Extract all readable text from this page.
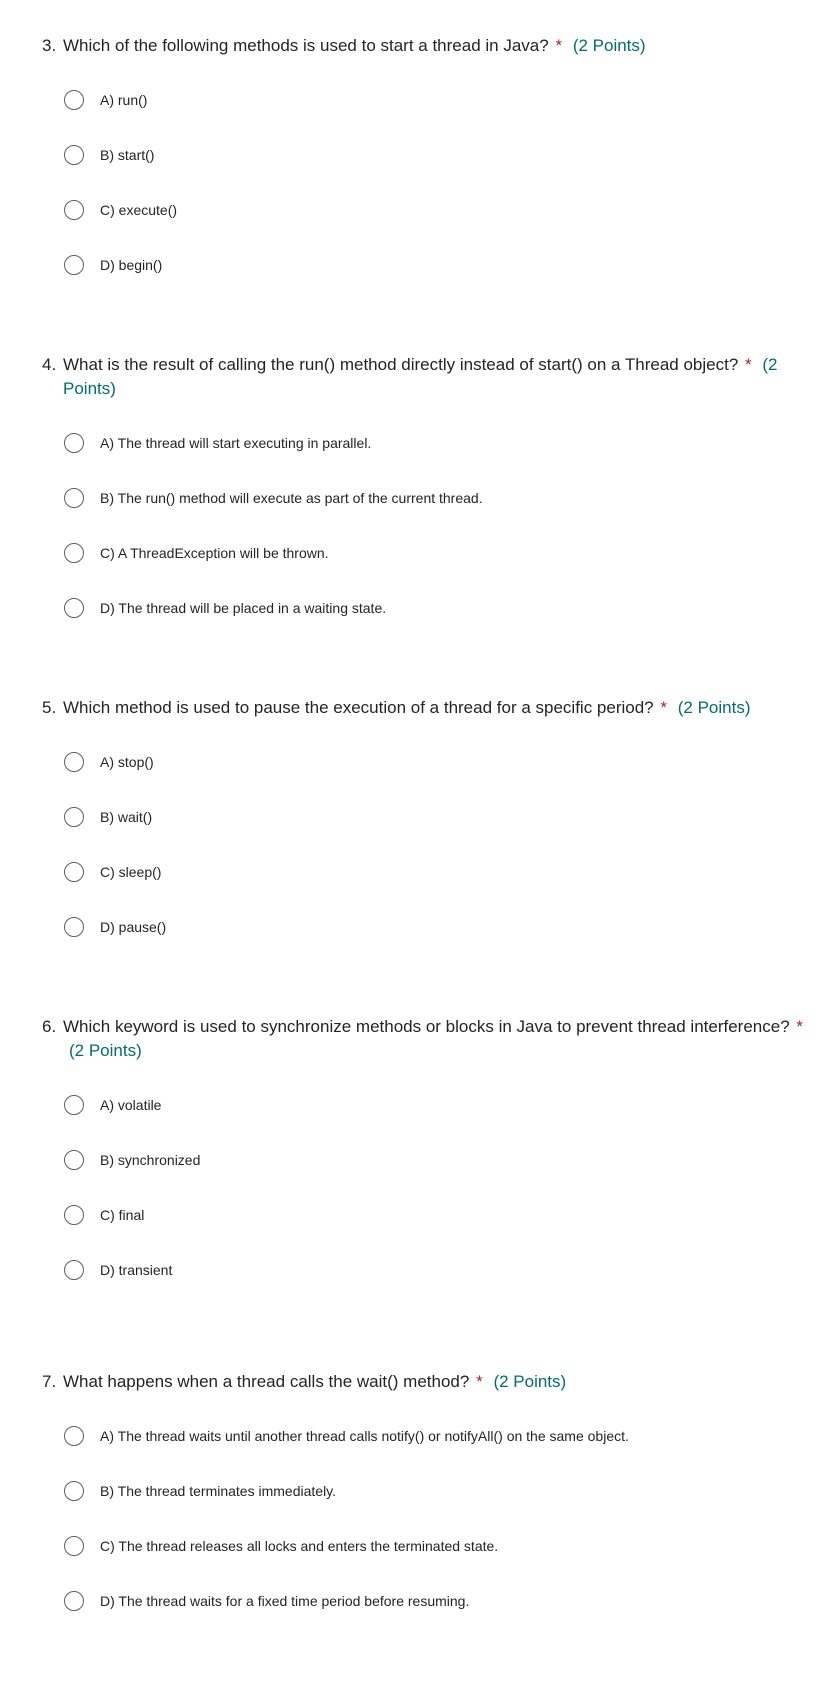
3. Which of the following methods is used to start a thread in Java? * (2 Points)
A) run()
B) start()
C) execute()
D) begin()
4. What is the result of calling the run() method directly instead of start() on a Thread object? * (2 Points)
A) The thread will start executing in parallel.
B) The run() method will execute as part of the current thread.
C) A ThreadException will be thrown.
D) The thread will be placed in a waiting state.
5. Which method is used to pause the execution of a thread for a specific period? * (2 Points)
A) stop()
B) wait()
C) sleep()
D) pause()
6. Which keyword is used to synchronize methods or blocks in Java to prevent thread interference? * (2 Points)
A) volatile
B) synchronized
C) final
D) transient
7. What happens when a thread calls the wait() method? * (2 Points)
A) The thread waits until another thread calls notify() or notifyAll() on the same object.
B) The thread terminates immediately.
C) The thread releases all locks and enters the terminated state.
D) The thread waits for a fixed time period before resuming.
